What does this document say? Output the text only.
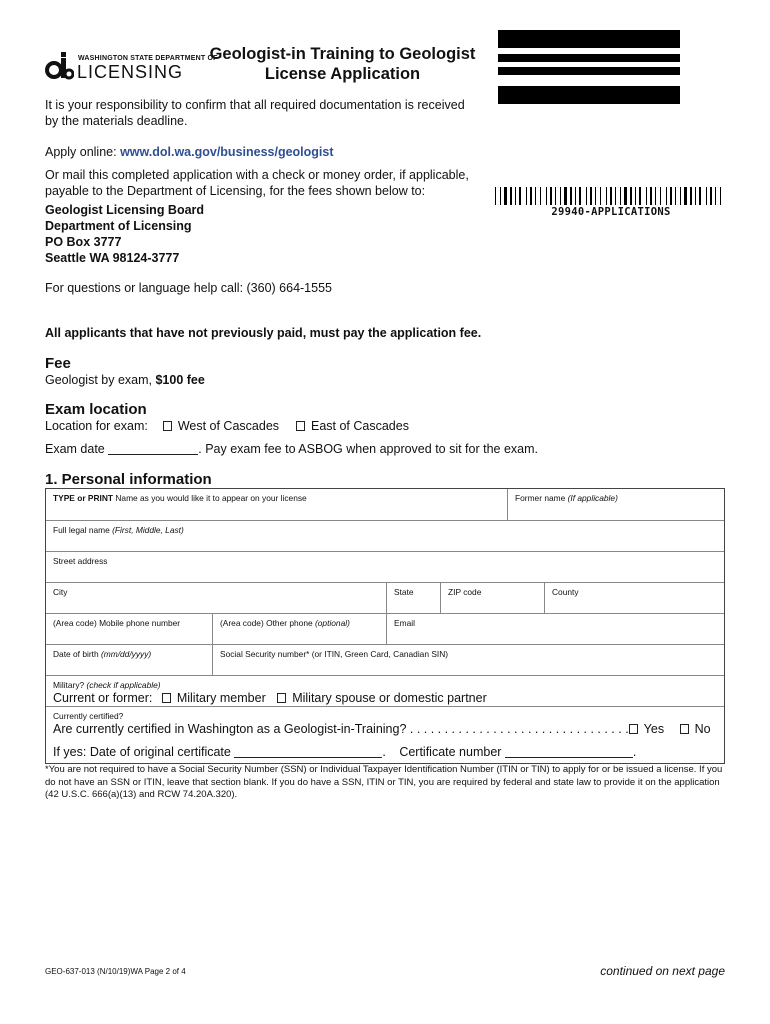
WASHINGTON STATE DEPARTMENT OF
LICENSING
Geologist-in Training to Geologist
License Application
29940-APPLICATIONS
It is your responsibility to confirm that all required documentation is received
by the materials deadline.
Apply online: www.dol.wa.gov/business/geologist
Or mail this completed application with a check or money order, if applicable,
payable to the Department of Licensing, for the fees shown below to:
Geologist Licensing Board
Department of Licensing
PO Box 3777
Seattle WA 98124-3777
For questions or language help call: (360) 664-1555
All applicants that have not previously paid, must pay the application fee.
Fee
Geologist by exam, $100 fee
Exam location
Location for exam: West of Cascades	East of Cascades
Exam date	. Pay exam fee to ASBOG when approved to sit for the exam.
1. Personal information
TYPE or PRINT Name as you would like it to appear on your license	Former name (If applicable)
Full legal name (First, Middle, Last)
Street address
City	State	ZIP code	County
(Area code) Mobile phone number	(Area code) Other phone (optional)	Email
Date of birth (mm/dd/yyyy)	Social Security number* (or ITIN, Green Card, Canadian SIN)
Military? (check if applicable)
Current or former: Military member Military spouse or domestic partner
Currently certified?
Are currently certified in Washington as a Geologist-in-Training? . . . . . . . . . . . . . . . . . . . . . . . . . . . . . . . . Yes No
If yes: Date of original certificate	. Certificate number	.
*You are not required to have a Social Security Number (SSN) or Individual Taxpayer Identification Number (ITIN or TIN) to apply for or be issued a license. If you do not have an SSN or ITIN, leave that section blank. If you do have a SSN, ITIN or TIN, you are required by federal and state law to provide it on the application (42 U.S.C. 666(a)(13) and RCW 74.20A.320).
GEO-637-013 (N/10/19)WA Page 2 of 4	continued on next page
